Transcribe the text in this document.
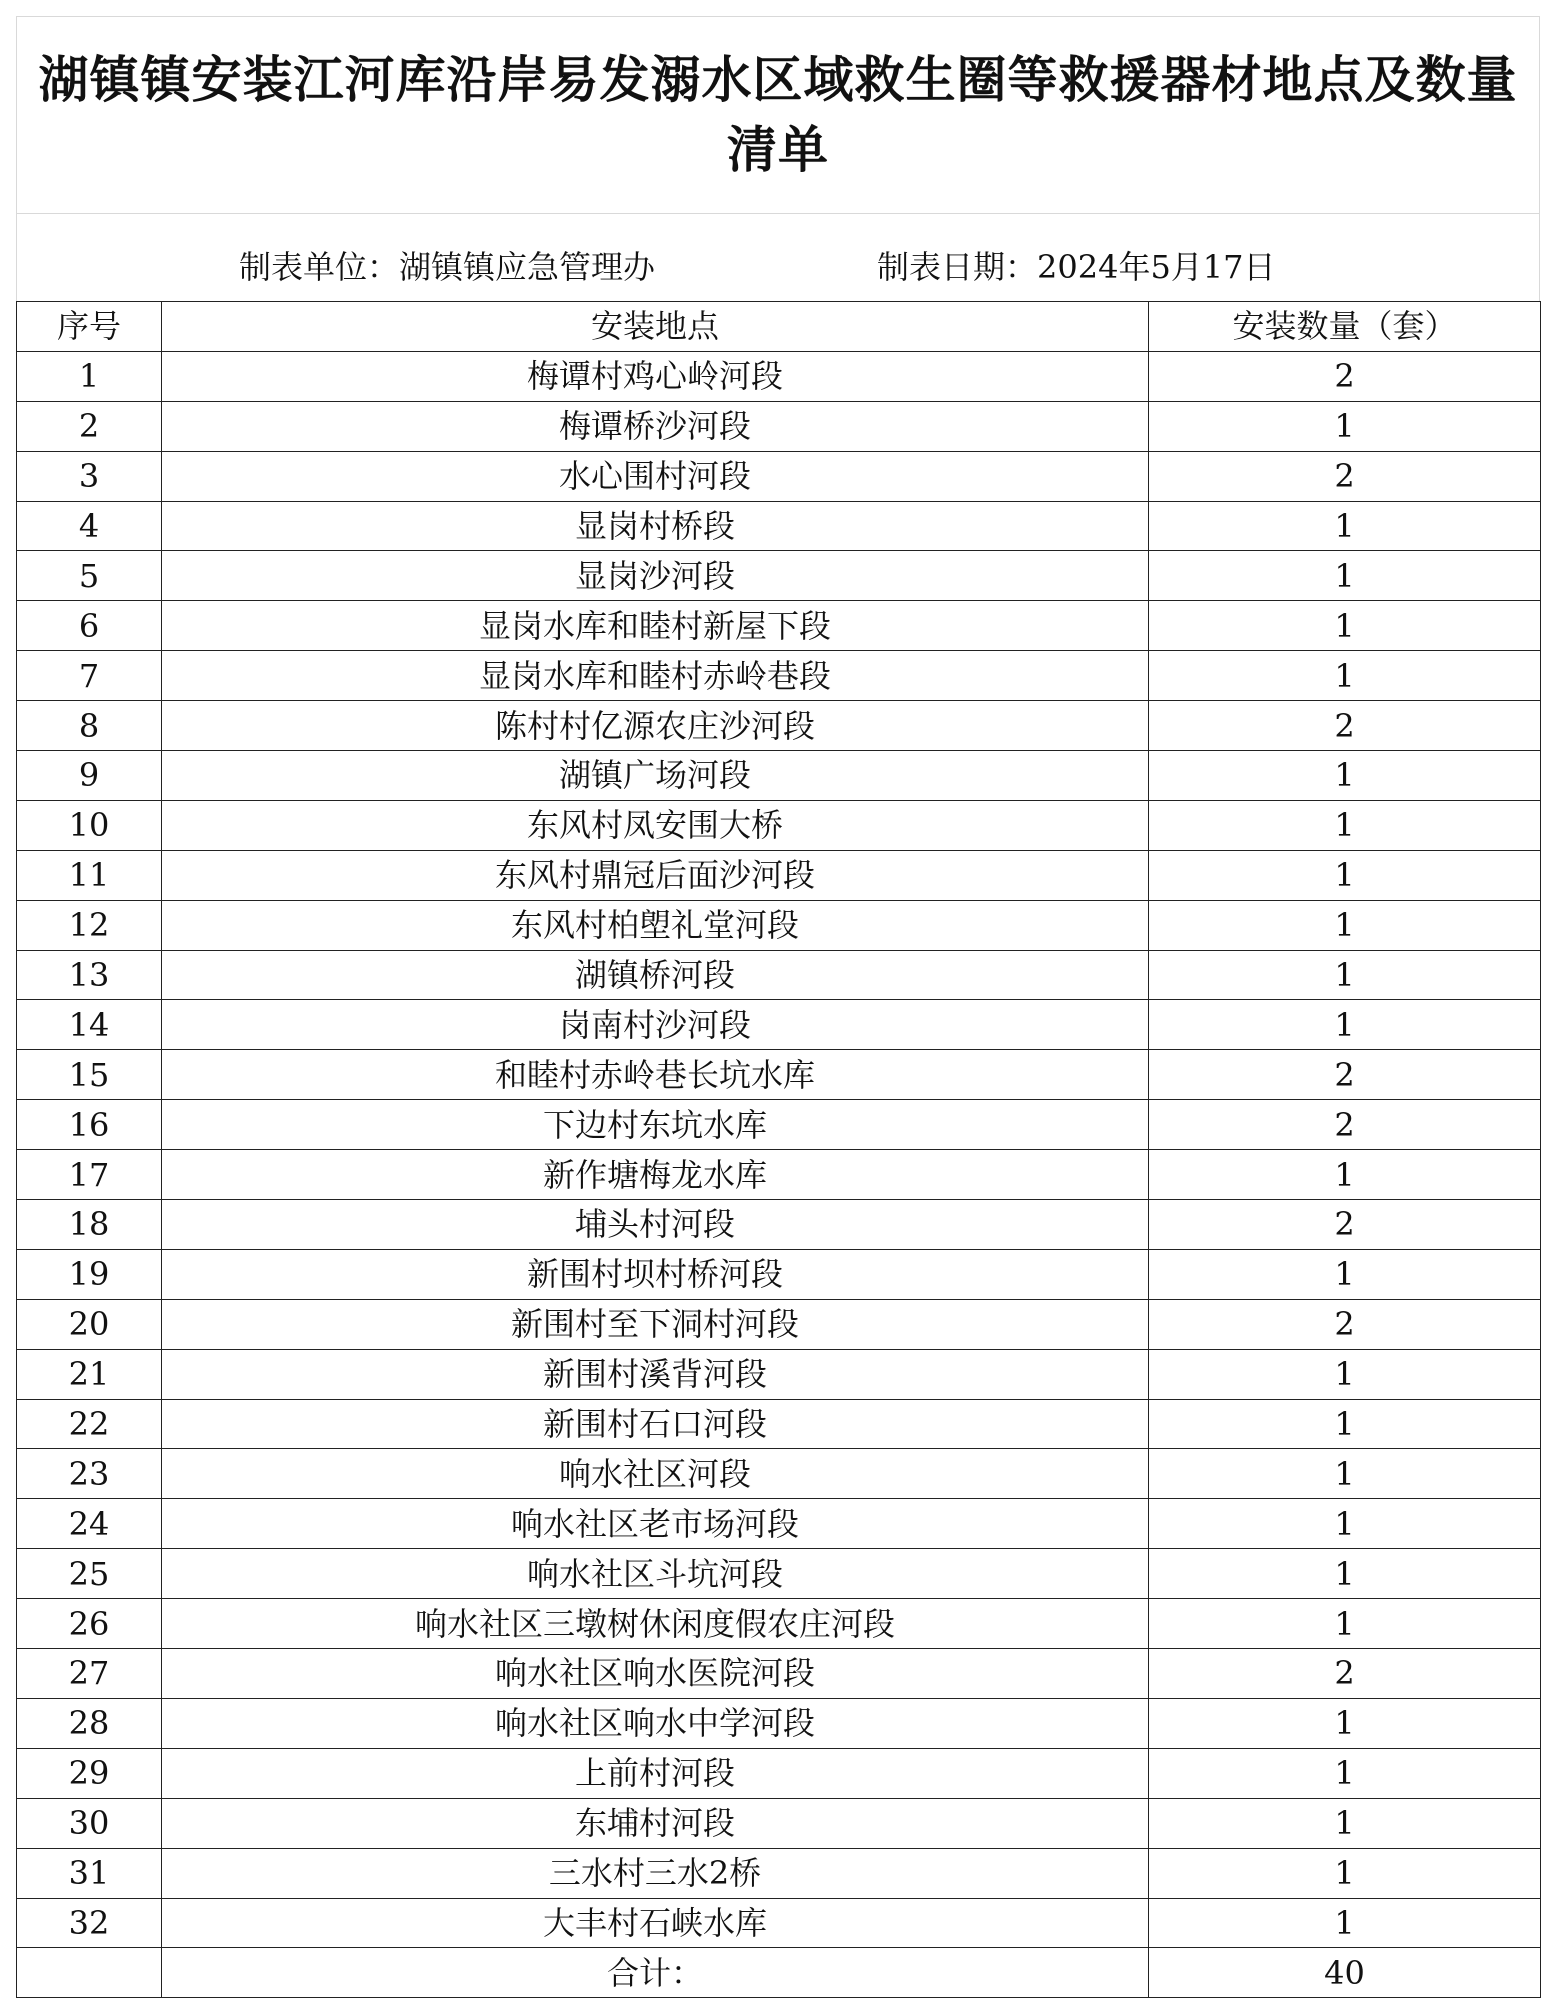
湖镇镇安装江河库沿岸易发溺水区域救生圈等救援器材地点及数量清单
制表单位：湖镇镇应急管理办	制表日期：2024年5月17日
序号	安装地点	安装数量（套）
1	梅谭村鸡心岭河段	2
2	梅谭桥沙河段	1
3	水心围村河段	2
4	显岗村桥段	1
5	显岗沙河段	1
6	显岗水库和睦村新屋下段	1
7	显岗水库和睦村赤岭巷段	1
8	陈村村亿源农庄沙河段	2
9	湖镇广场河段	1
10	东风村凤安围大桥	1
11	东风村鼎冠后面沙河段	1
12	东风村柏塱礼堂河段	1
13	湖镇桥河段	1
14	岗南村沙河段	1
15	和睦村赤岭巷长坑水库	2
16	下边村东坑水库	2
17	新作塘梅龙水库	1
18	埔头村河段	2
19	新围村坝村桥河段	1
20	新围村至下洞村河段	2
21	新围村溪背河段	1
22	新围村石口河段	1
23	响水社区河段	1
24	响水社区老市场河段	1
25	响水社区斗坑河段	1
26	响水社区三墩树休闲度假农庄河段	1
27	响水社区响水医院河段	2
28	响水社区响水中学河段	1
29	上前村河段	1
30	东埔村河段	1
31	三水村三水2桥	1
32	大丰村石峡水库	1
	合计：	40
